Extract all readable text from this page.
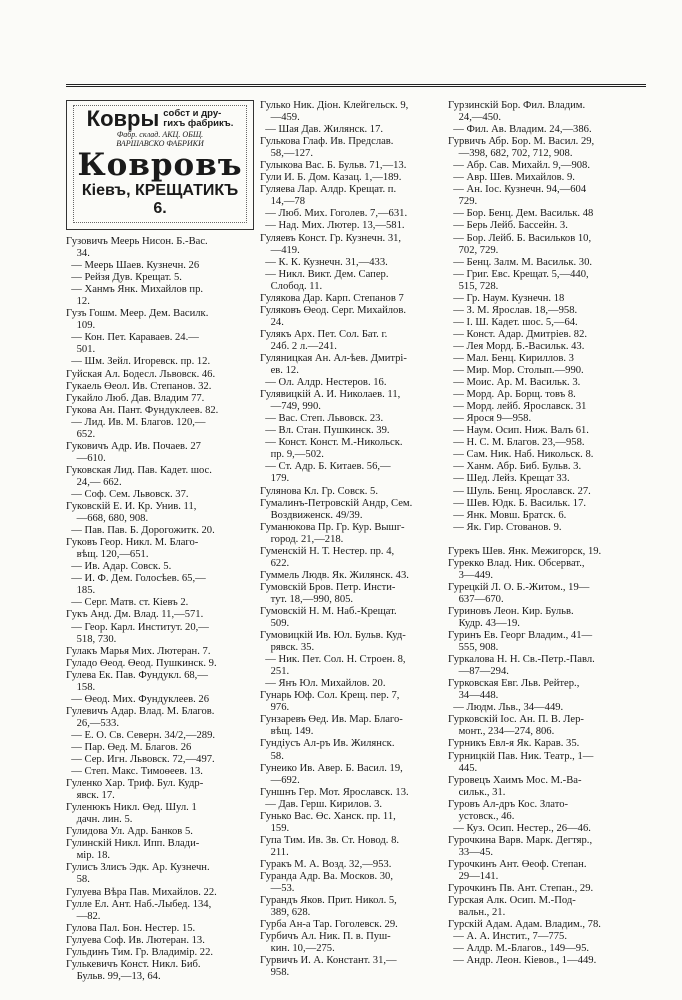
Ковры собст и дру-
гихъ фабрикъ.
Фабр. склад. АКЦ. ОБЩ.
ВАРШАВСКО ФАБРИКИ
Ковровъ
Кiевъ, КРЕЩАТИКЪ 6.
Гузовичъ Меерь Нисон. Б.-Вас.
34.
— Меерь Шаев. Кузнечн. 26
— Рейзя Дув. Крещат. 5.
— Ханмъ Янк. Михайлов пр.
12.
Гузъ Гошм. Меер. Дем. Василк.
109.
— Кон. Пет. Караваев. 24.—
501.
— Шм. Зейл. Игоревск. пр. 12.
Гуйская Ал. Бодесл. Львовск. 46.
Гукаель Өеол. Ив. Степанов. 32.
Гукайло Люб. Дав. Владим 77.
Гукова Ан. Пант. Фундуклеев. 82.
— Лид. Ив. М. Благов. 120,—
652.
Гуковичъ Адр. Ив. Почаев. 27
—610.
Гуковская Лид. Пав. Кадет. шос.
24,— 662.
— Соф. Сем. Львовск. 37.
Гуковскiй Е. И. Кр. Унив. 11,
—668, 680, 908.
— Пав. Пав. Б. Дорогожитк. 20.
Гуковъ Геор. Никл. М. Благо-
вѣщ. 120,—651.
— Ив. Адар. Совск. 5.
— И. Ф. Дем. Голосѣев. 65,—
185.
— Серг. Матв. ст. Кiевъ 2.
Гукъ Анд. Дм. Влад. 11,—571.
— Геор. Карл. Институт. 20,—
518, 730.
Гулакъ Марья Мих. Лютеран. 7.
Гуладо Өеод. Өеод. Пушкинск. 9.
Гулева Ек. Пав. Фундукл. 68,—
158.
— Өеод. Мих. Фундуклеев. 26
Гулевичъ Адар. Влад. М. Благов.
26,—533.
— Е. О. Св. Северн. 34/2,—289.
— Пар. Өед. М. Благов. 26
— Сер. Игн. Львовск. 72,—497.
— Степ. Макс. Тимоөеев. 13.
Гуленко Хар. Триф. Бул. Кудр-
явск. 17.
Гуленюкъ Никл. Өед. Шул. 1
дачн. лин. 5.
Гулидова Ул. Адр. Банков 5.
Гулинскiй Никл. Ипп. Влади-
мiр. 18.
Гулисъ Злисъ Эдк. Ар. Кузнечн.
58.
Гулуева Вѣра Пав. Михайлов. 22.
Гулле Ел. Ант. Наб.-Лыбед. 134,
—82.
Гулова Пал. Бон. Нестер. 15.
Гулуева Соф. Ив. Лютеран. 13.
Гульдинъ Тим. Гр. Владимiр. 22.
Гулькевичъ Конст. Никл. Биб.
Бульв. 99,—13, 64.
Гулько Ник. Дiон. Клейгельск. 9,
—459.
— Шая Дав. Жилянск. 17.
Гулькова Глаф. Ив. Предслав.
58,—127.
Гулыкова Вас. Б. Бульв. 71,—13.
Гули И. Б. Дом. Казац. 1,—189.
Гуляева Лар. Алдр. Крещат. п.
14,—78
— Люб. Мих. Гоголев. 7,—631.
— Над. Мих. Лютер. 13,—581.
Гуляевъ Конст. Гр. Кузнечн. 31,
—419.
— К. К. Кузнечн. 31,—433.
— Никл. Викт. Дем. Сапер.
Слобод. 11.
Гулякова Дар. Карп. Степанов 7
Гуляковъ Өеод. Серг. Михайлов.
24.
Гулякъ Арх. Пет. Сол. Бат. г.
24б. 2 л.—241.
Гуляницкая Ан. Ал-ѣев. Дмитрi-
ев. 12.
— Ол. Алдр. Нестеров. 16.
Гулявицкiй А. И. Николаев. 11,
—749, 990.
— Вас. Степ. Львовск. 23.
— Вл. Стан. Пушкинск. 39.
— Конст. Конст. М.-Никольск.
пр. 9,—502.
— Ст. Адр. Б. Китаев. 56,—
179.
Гулянова Кл. Гр. Совск. 5.
Гумалинъ-Петровскiй Андр, Сем.
Воздвиженск. 49/39.
Гуманюкова Пр. Гр. Кур. Вышг-
город. 21,—218.
Гумeнскiй Н. Т. Нестер. пр. 4,
622.
Гуммель Людв. Як. Жилянск. 43.
Гумовскiй Бров. Петр. Инсти-
тут. 18,—990, 805.
Гумовскiй Н. М. Наб.-Крещат.
509.
Гумовицкiй Ив. Юл. Бульв. Куд-
рявск. 35.
— Ник. Пет. Сол. Н. Строен. 8,
251.
— Янъ Юл. Михайлов. 20.
Гунарь Юф. Сол. Крещ. пер. 7,
976.
Гунзаревъ Өед. Ив. Мар. Благо-
вѣщ. 149.
Гундiусъ Ал-ръ Ив. Жилянск.
58.
Гунеико Ив. Авер. Б. Васил. 19,
—692.
Гуншнъ Гер. Мот. Ярославск. 13.
— Дав. Герш. Кирилов. 3.
Гунько Вас. Өс. Ханск. пр. 11,
159.
Гупа Тим. Ив. Зв. Ст. Новод. 8.
211.
Гуракъ М. А. Возд. 32,—953.
Гуранда Адр. Ва. Москов. 30,
—53.
Гурандъ Яков. Прит. Никол. 5,
389, 628.
Гурба Ан-а Тар. Гоголевск. 29.
Гурбичъ Ал. Ник. П. в. Пуш-
кин. 10,—275.
Гурвичъ И. А. Констант. 31,—
958.
Гурзинскiй Бор. Фил. Владим.
24,—450.
— Фил. Ав. Владим. 24,—386.
Гурвичъ Абр. Бор. М. Васил. 29,
—398, 682, 702, 712, 908.
— Абр. Сав. Михайл. 9,—908.
— Авр. Шев. Михайлов. 9.
— Ан. Iос. Кузнечн. 94,—604
729.
— Бор. Бенц. Дем. Васильк. 48
— Берь Лейб. Бассейн. 3.
— Бор. Лейб. Б. Васильков 10,
702, 729.
— Бенц. Залм. М. Васильк. 30.
— Григ. Евс. Крещат. 5,—440,
515, 728.
— Гр. Наум. Кузнечн. 18
— З. М. Ярослав. 18,—958.
— I. Ш. Кадет. шос. 5,—64.
— Конст. Адар. Дмитрiев. 82.
— Лея Морд. Б.-Васильк. 43.
— Мал. Бенц. Кириллов. 3
— Мир. Мор. Столып.—990.
— Моис. Ар. М. Васильк. 3.
— Морд. Ар. Борщ. товъ 8.
— Морд. лейб. Ярославск. 31
— Ярося 9—958.
— Наум. Осип. Ниж. Валъ 61.
— Н. С. М. Благов. 23,—958.
— Сам. Ник. Наб. Никольск. 8.
— Ханм. Абр. Биб. Бульв. 3.
— Шед. Лейз. Крещат 33.
— Шуль. Бенц. Ярославск. 27.
— Шев. Юдк. Б. Васильк. 17.
— Янк. Мовш. Братск. 6.
— Як. Гир. Стованов. 9.

Гурекъ Шев. Янк. Межигорск, 19.
Гурекко Влад. Ник. Обсерват.,
3—449.
Гурецкiй Л. О. Б.-Житом., 19—
637—670.
Гуриновъ Леон. Кир. Бульв.
Кудр. 43—19.
Гуринъ Ев. Георг Владим., 41—
555, 908.
Гуркалова Н. Н. Св.-Петр.-Павл.
—87—294.
Гурковская Евг. Льв. Рейтер.,
34—448.
— Людм. Льв., 34—449.
Гурковскiй Iос. Ан. П. В. Лер-
монт., 234—274, 806.
Гурникъ Евл-я Як. Карав. 35.
Гурницкiй Пав. Ник. Театр., 1—
445.
Гуровецъ Хаимъ Мос. М.-Ва-
сильк., 31.
Гуровъ Ал-дръ Кос. Злато-
устовск., 46.
— Куз. Осип. Нестер., 26—46.
Гурочкина Варв. Марк. Дегтяр.,
33—45.
Гурочкинъ Ант. Өеоф. Степан.
29—141.
Гурочкинъ Пв. Ант. Степан., 29.
Гурская Алк. Осип. М.-Под-
вальн., 21.
Гурскiй Адам. Адам. Владим., 78.
— А. А. Инстит., 7—775.
— Алдр. М.-Благов., 149—95.
— Андр. Леон. Кiевов., 1—449.
